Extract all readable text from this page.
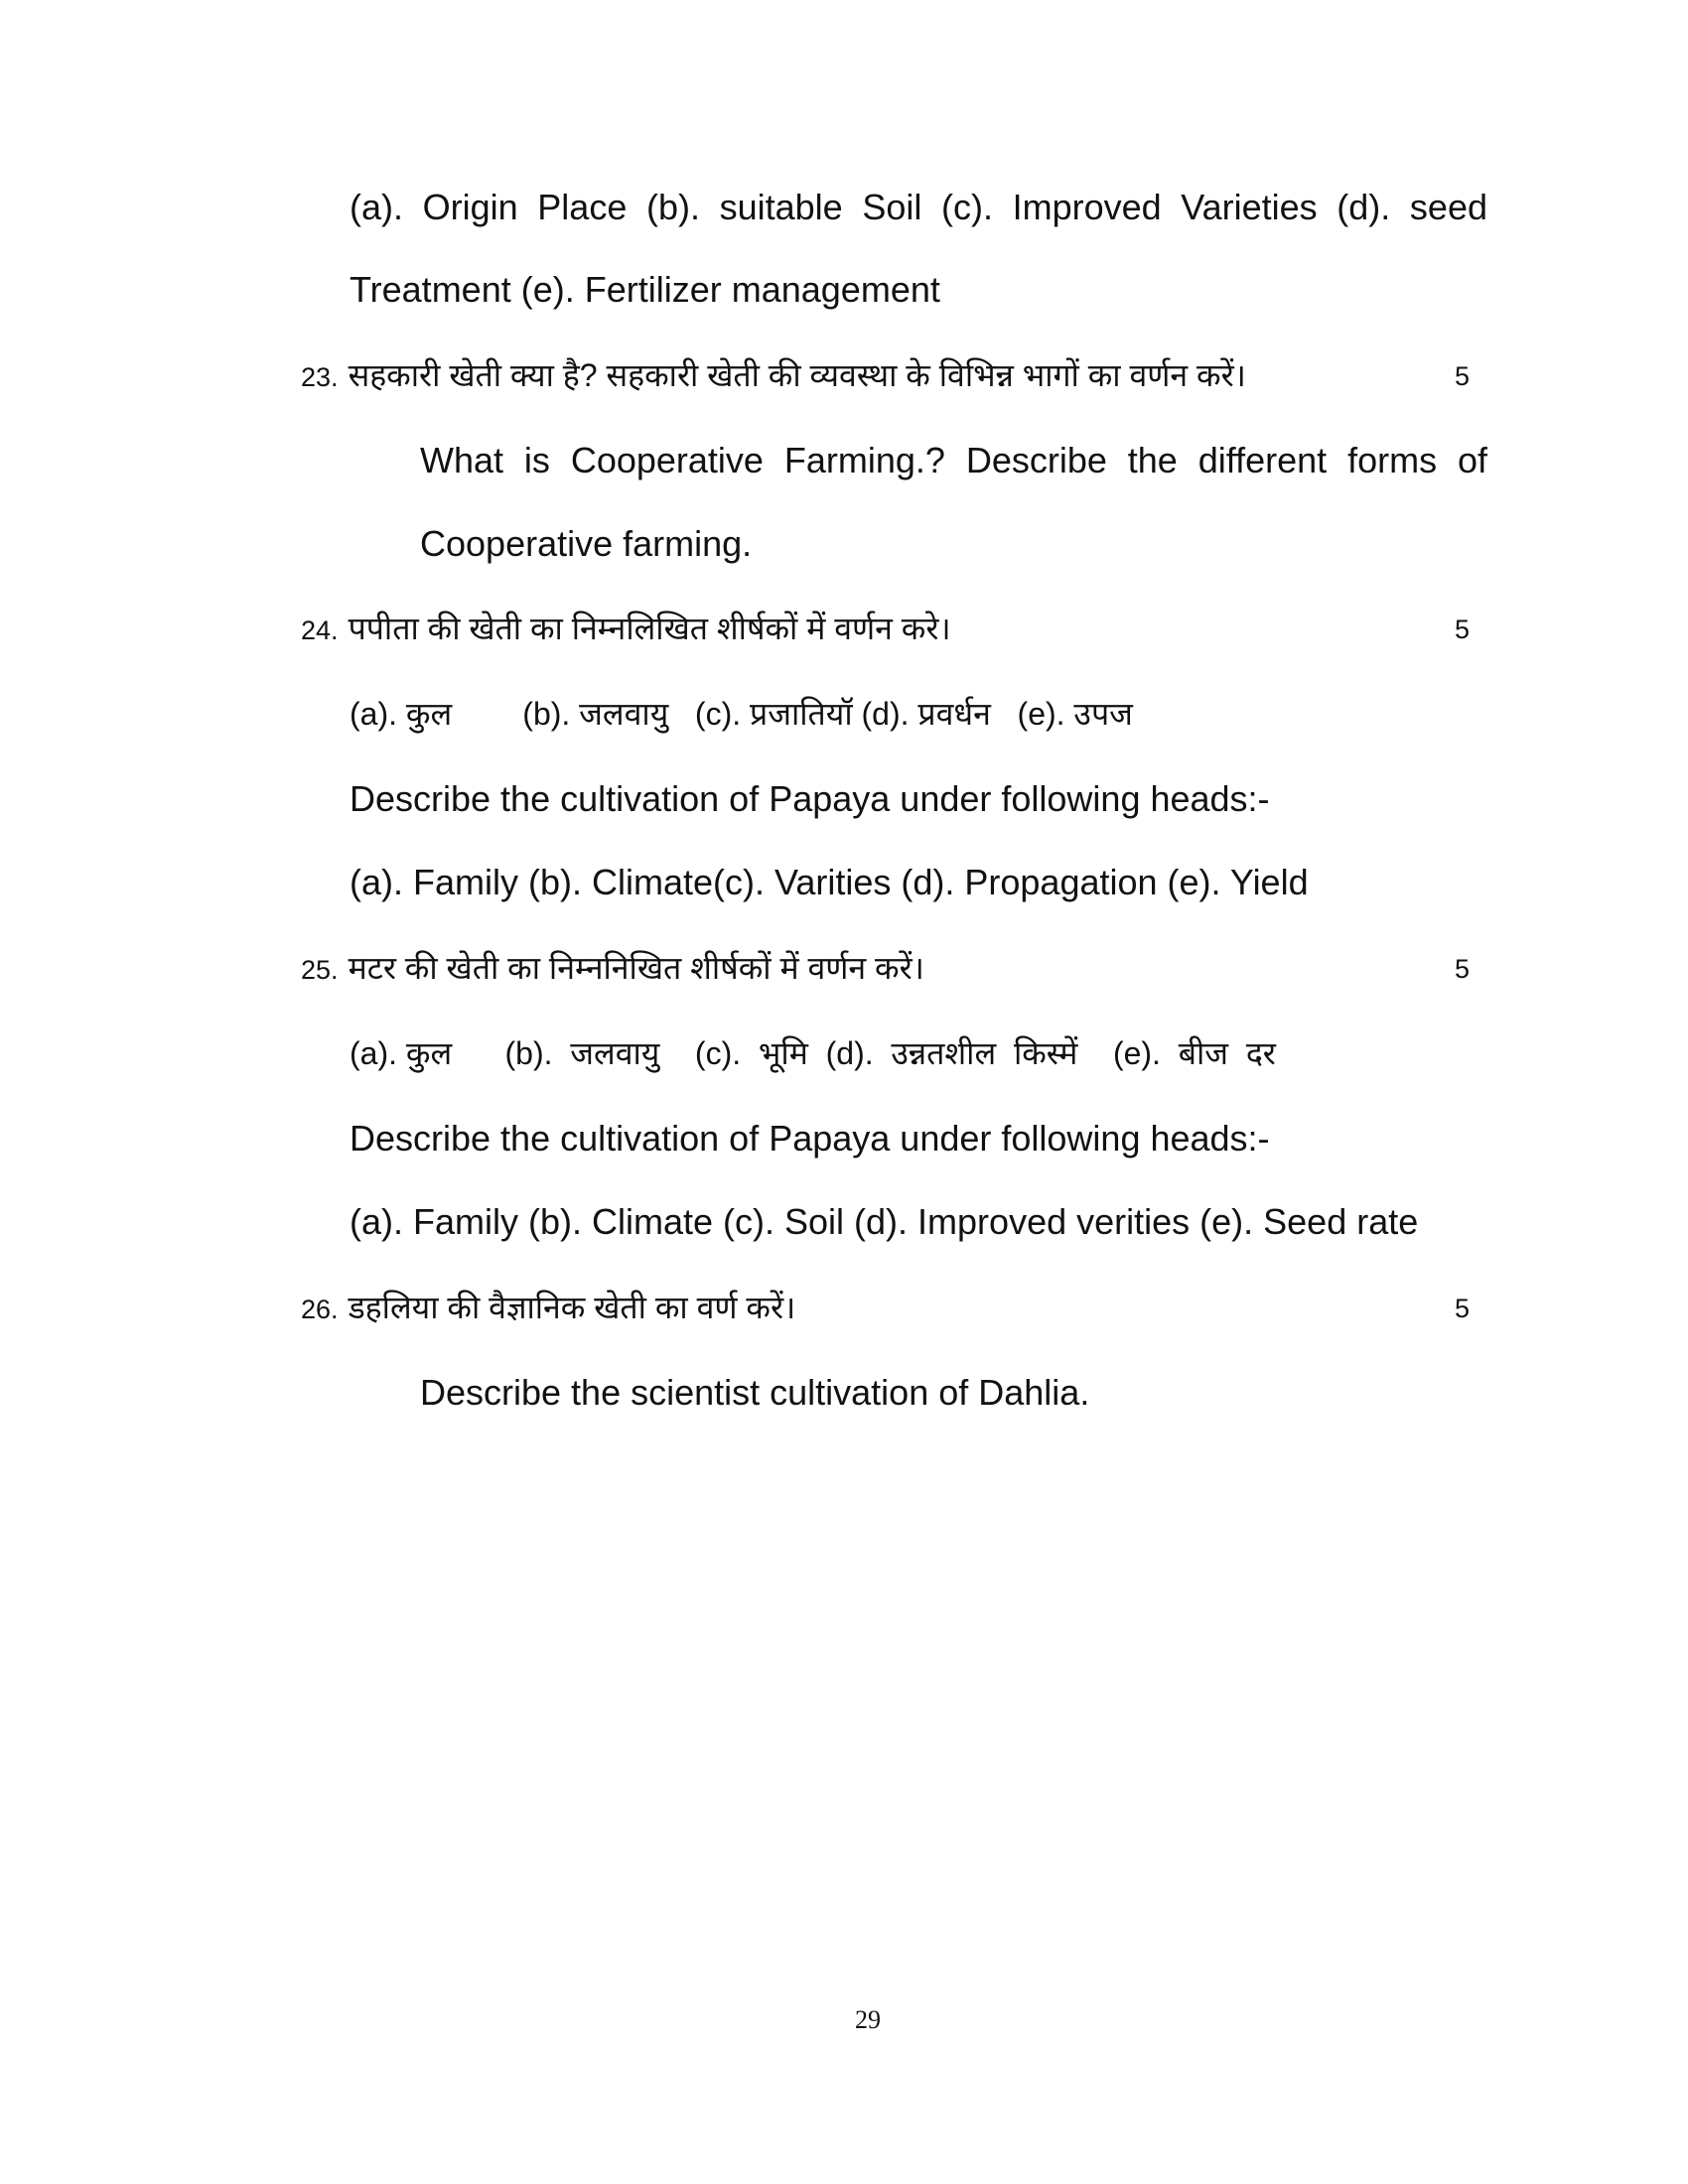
(a). Origin Place (b). suitable Soil (c). Improved Varieties (d). seed
Treatment (e). Fertilizer management
23. सहकारी खेती क्या है? सहकारी खेती की व्यवस्था के विभिन्न भागों का वर्णन करें।	5
What is Cooperative Farming.? Describe the different forms of
Cooperative farming.
24. पपीता की खेती का निम्नलिखित शीर्षकों में वर्णन करे।	5
(a). कुल        (b). जलवायु   (c). प्रजातियॉ (d). प्रवर्धन   (e). उपज
Describe the cultivation of Papaya under following heads:-
(a). Family (b). Climate(c). Varities (d). Propagation (e). Yield
25. मटर की खेती का निम्ननिखित शीर्षकों में वर्णन करें।	5
(a). कुल      (b).  जलवायु    (c).  भूमि  (d).  उन्नतशील  किस्में    (e).  बीज  दर
Describe the cultivation of Papaya under following heads:-
(a). Family (b). Climate (c). Soil (d). Improved verities (e). Seed rate
26. डहलिया की वैज्ञानिक खेती का वर्ण करें।	5
Describe the scientist cultivation of Dahlia.
29
